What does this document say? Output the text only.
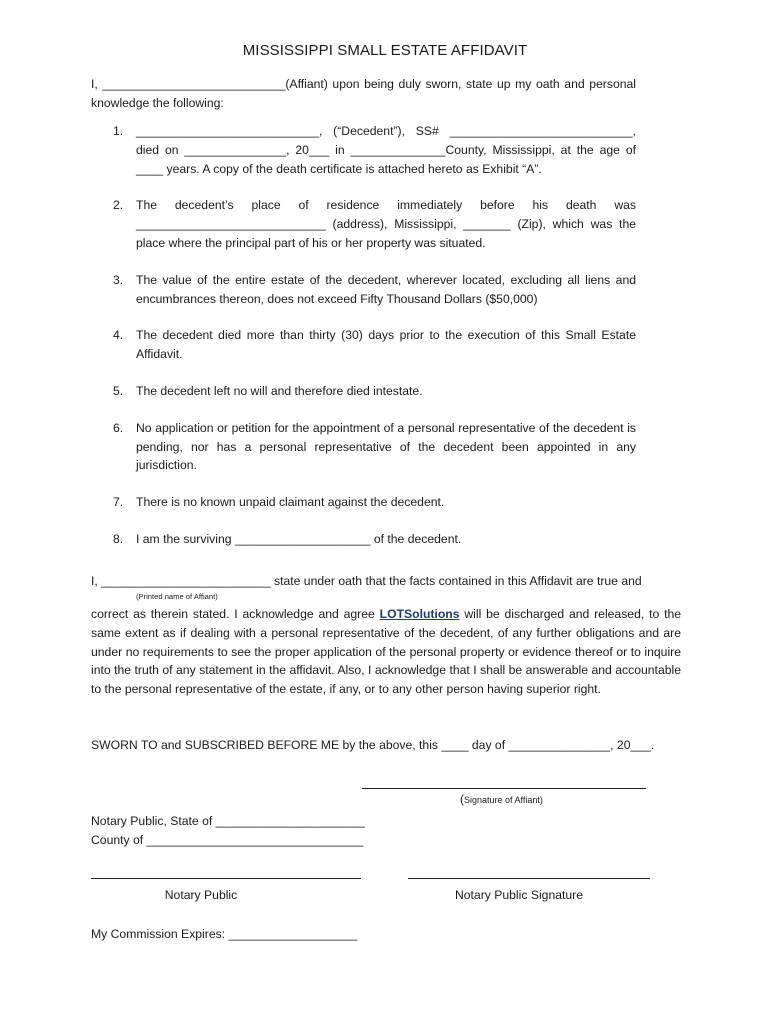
MISSISSIPPI SMALL ESTATE AFFIDAVIT
I, ___________________________(Affiant) upon being duly sworn, state up my oath and personal knowledge the following:
1. ___________________________, (“Decedent”), SS# ___________________________, died on _______________, 20___ in ______________County, Mississippi, at the age of ____ years. A copy of the death certificate is attached hereto as Exhibit “A”.
2. The decedent’s place of residence immediately before his death was ____________________________ (address), Mississippi, _______ (Zip), which was the place where the principal part of his or her property was situated.
3. The value of the entire estate of the decedent, wherever located, excluding all liens and encumbrances thereon, does not exceed Fifty Thousand Dollars ($50,000)
4. The decedent died more than thirty (30) days prior to the execution of this Small Estate Affidavit.
5. The decedent left no will and therefore died intestate.
6. No application or petition for the appointment of a personal representative of the decedent is pending, nor has a personal representative of the decedent been appointed in any jurisdiction.
7. There is no known unpaid claimant against the decedent.
8. I am the surviving ____________________ of the decedent.
I, _________________________ state under oath that the facts contained in this Affidavit are true and
(Printed name of Affiant)
correct as therein stated. I acknowledge and agree LOTSolutions will be discharged and released, to the same extent as if dealing with a personal representative of the decedent, of any further obligations and are under no requirements to see the proper application of the personal property or evidence thereof or to inquire into the truth of any statement in the affidavit. Also, I acknowledge that I shall be answerable and accountable to the personal representative of the estate, if any, or to any other person having superior right.
SWORN TO and SUBSCRIBED BEFORE ME by the above, this ____ day of _______________, 20___.
(Signature of Affiant)
Notary Public, State of ______________________
County of ________________________________
Notary Public	Notary Public Signature
My Commission Expires: ___________________
